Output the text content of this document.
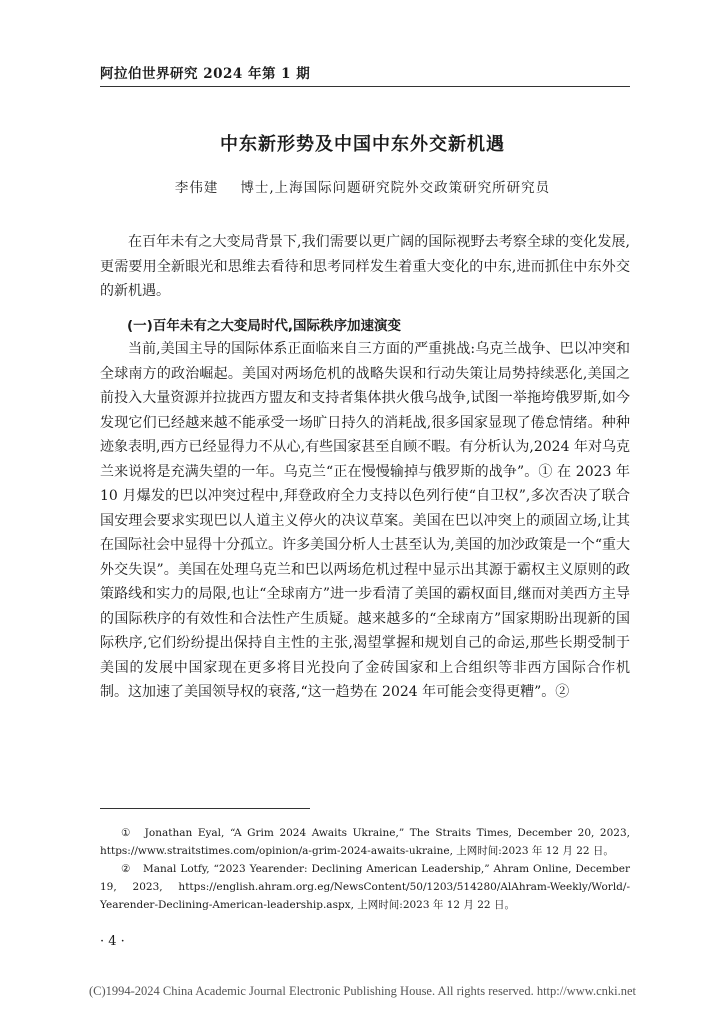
阿拉伯世界研究 2024 年第 1 期
中东新形势及中国中东外交新机遇
李伟建 博士,上海国际问题研究院外交政策研究所研究员

在百年未有之大变局背景下,我们需要以更广阔的国际视野去考察全球的变化发展,更需要用全新眼光和思维去看待和思考同样发生着重大变化的中东,进而抓住中东外交的新机遇。

(一)百年未有之大变局时代,国际秩序加速演变

当前,美国主导的国际体系正面临来自三方面的严重挑战:乌克兰战争、巴以冲突和全球南方的政治崛起。美国对两场危机的战略失误和行动失策让局势持续恶化,美国之前投入大量资源并拉拢西方盟友和支持者集体拱火俄乌战争,试图一举拖垮俄罗斯,如今发现它们已经越来越不能承受一场旷日持久的消耗战,很多国家显现了倦怠情绪。种种迹象表明,西方已经显得力不从心,有些国家甚至自顾不暇。有分析认为,2024 年对乌克兰来说将是充满失望的一年。乌克兰“正在慢慢输掉与俄罗斯的战争”。① 在 2023 年 10 月爆发的巴以冲突过程中,拜登政府全力支持以色列行使“自卫权”,多次否决了联合国安理会要求实现巴以人道主义停火的决议草案。美国在巴以冲突上的顽固立场,让其在国际社会中显得十分孤立。许多美国分析人士甚至认为,美国的加沙政策是一个“重大外交失误”。美国在处理乌克兰和巴以两场危机过程中显示出其源于霸权主义原则的政策路线和实力的局限,也让“全球南方”进一步看清了美国的霸权面目,继而对美西方主导的国际秩序的有效性和合法性产生质疑。越来越多的“全球南方”国家期盼出现新的国际秩序,它们纷纷提出保持自主性的主张,渴望掌握和规划自己的命运,那些长期受制于美国的发展中国家现在更多将目光投向了金砖国家和上合组织等非西方国际合作机制。这加速了美国领导权的衰落,“这一趋势在 2024 年可能会变得更糟”。②

① Jonathan Eyal, “A Grim 2024 Awaits Ukraine,” The Straits Times, December 20, 2023, https://www.straitstimes.com/opinion/a-grim-2024-awaits-ukraine, 上网时间:2023 年 12 月 22 日。

② Manal Lotfy, “2023 Yearender: Declining American Leadership,” Ahram Online, December 19, 2023, https://english.ahram.org.eg/NewsContent/50/1203/514280/AlAhram-Weekly/World/-Yearender-Declining-American-leadership.aspx, 上网时间:2023 年 12 月 22 日。

· 4 ·
(C)1994-2024 China Academic Journal Electronic Publishing House. All rights reserved. http://www.cnki.net
